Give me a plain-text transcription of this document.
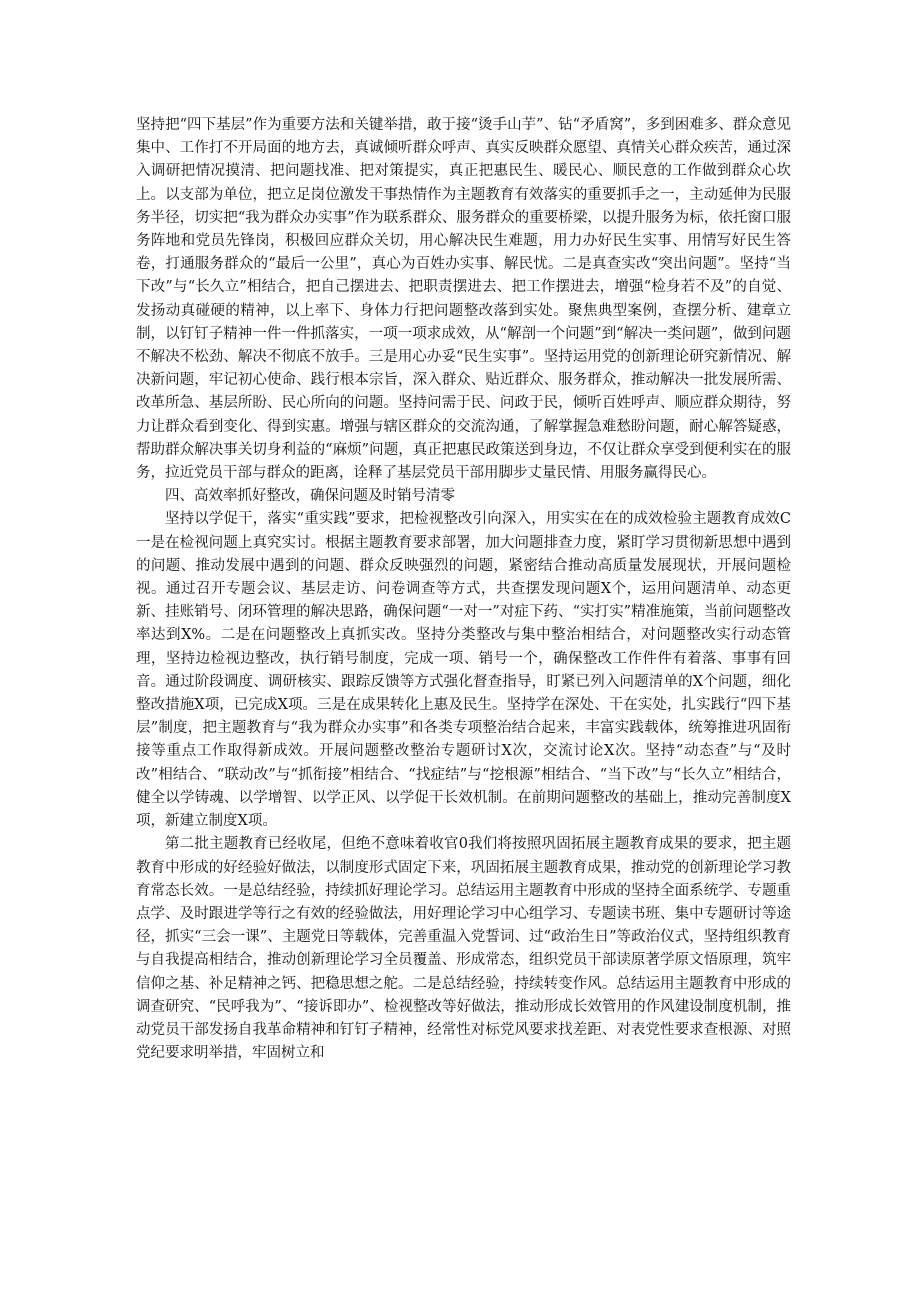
坚持把“四下基层”作为重要方法和关键举措，敢于接“烫手山芋”、钻“矛盾窝”，多到困难多、群众意见集中、工作打不开局面的地方去，真诚倾听群众呼声、真实反映群众愿望、真情关心群众疾苦，通过深入调研把情况摸清、把问题找准、把对策提实，真正把惠民生、暖民心、顺民意的工作做到群众心坎上。以支部为单位，把立足岗位激发干事热情作为主题教育有效落实的重要抓手之一，主动延伸为民服务半径，切实把“我为群众办实事”作为联系群众、服务群众的重要桥梁，以提升服务为标，依托窗口服务阵地和党员先锋岗，积极回应群众关切，用心解决民生难题，用力办好民生实事、用情写好民生答卷，打通服务群众的“最后一公里”，真心为百姓办实事、解民忧。二是真查实改“突出问题”。坚持“当下改”与“长久立”相结合，把自己摆进去、把职责摆进去、把工作摆进去，增强“检身若不及”的自觉、发扬动真碰硬的精神，以上率下、身体力行把问题整改落到实处。聚焦典型案例，查摆分析、建章立制，以钉钉子精神一件一件抓落实，一项一项求成效，从“解剖一个问题”到“解决一类问题”，做到问题不解决不松劲、解决不彻底不放手。三是用心办妥“民生实事”。坚持运用党的创新理论研究新情况、解决新问题，牢记初心使命、践行根本宗旨，深入群众、贴近群众、服务群众，推动解决一批发展所需、改革所急、基层所盼、民心所向的问题。坚持问需于民、问政于民，倾听百姓呼声、顺应群众期待，努力让群众看到变化、得到实惠。增强与辖区群众的交流沟通，了解掌握急难愁盼问题，耐心解答疑惑，帮助群众解决事关切身利益的“麻烦”问题，真正把惠民政策送到身边，不仅让群众享受到便利实在的服务，拉近党员干部与群众的距离，诠释了基层党员干部用脚步丈量民情、用服务赢得民心。

四、高效率抓好整改，确保问题及时销号清零

坚持以学促干，落实“重实践”要求，把检视整改引向深入，用实实在在的成效检验主题教育成效C一是在检视问题上真究实讨。根据主题教育要求部署，加大问题排查力度，紧盯学习贯彻新思想中遇到的问题、推动发展中遇到的问题、群众反映强烈的问题，紧密结合推动高质量发展现状，开展问题检视。通过召开专题会议、基层走访、问卷调查等方式，共查摆发现问题X个，运用问题清单、动态更新、挂账销号、闭环管理的解决思路，确保问题“一对一”对症下药、“实打实”精准施策，当前问题整改率达到X%。二是在问题整改上真抓实改。坚持分类整改与集中整治相结合，对问题整改实行动态管理，坚持边检视边整改，执行销号制度，完成一项、销号一个，确保整改工作件件有着落、事事有回音。通过阶段调度、调研核实、跟踪反馈等方式强化督查指导，盯紧已列入问题清单的X个问题，细化整改措施X项，已完成X项。三是在成果转化上惠及民生。坚持学在深处、干在实处，扎实践行“四下基层”制度，把主题教育与“我为群众办实事”和各类专项整治结合起来，丰富实践载体，统筹推进巩固衔接等重点工作取得新成效。开展问题整改整治专题研讨X次，交流讨论X次。坚持“动态查”与“及时改”相结合、“联动改”与“抓衔接”相结合、“找症结”与“挖根源”相结合、“当下改”与“长久立”相结合，健全以学铸魂、以学增智、以学正风、以学促干长效机制。在前期问题整改的基础上，推动完善制度X项，新建立制度X项。

第二批主题教育已经收尾，但绝不意味着收官0我们将按照巩固拓展主题教育成果的要求，把主题教育中形成的好经验好做法，以制度形式固定下来，巩固拓展主题教育成果，推动党的创新理论学习教育常态长效。一是总结经验，持续抓好理论学习。总结运用主题教育中形成的坚持全面系统学、专题重点学、及时跟进学等行之有效的经验做法，用好理论学习中心组学习、专题读书班、集中专题研讨等途径，抓实“三会一课”、主题党日等载体，完善重温入党誓词、过“政治生日”等政治仪式，坚持组织教育与自我提高相结合，推动创新理论学习全员覆盖、形成常态，组织党员干部读原著学原文悟原理，筑牢信仰之基、补足精神之钙、把稳思想之舵。二是总结经验，持续转变作风。总结运用主题教育中形成的调查研究、“民呼我为”、“接诉即办”、检视整改等好做法，推动形成长效管用的作风建设制度机制，推动党员干部发扬自我革命精神和钉钉子精神，经常性对标党风要求找差距、对表党性要求查根源、对照党纪要求明举措，牢固树立和
